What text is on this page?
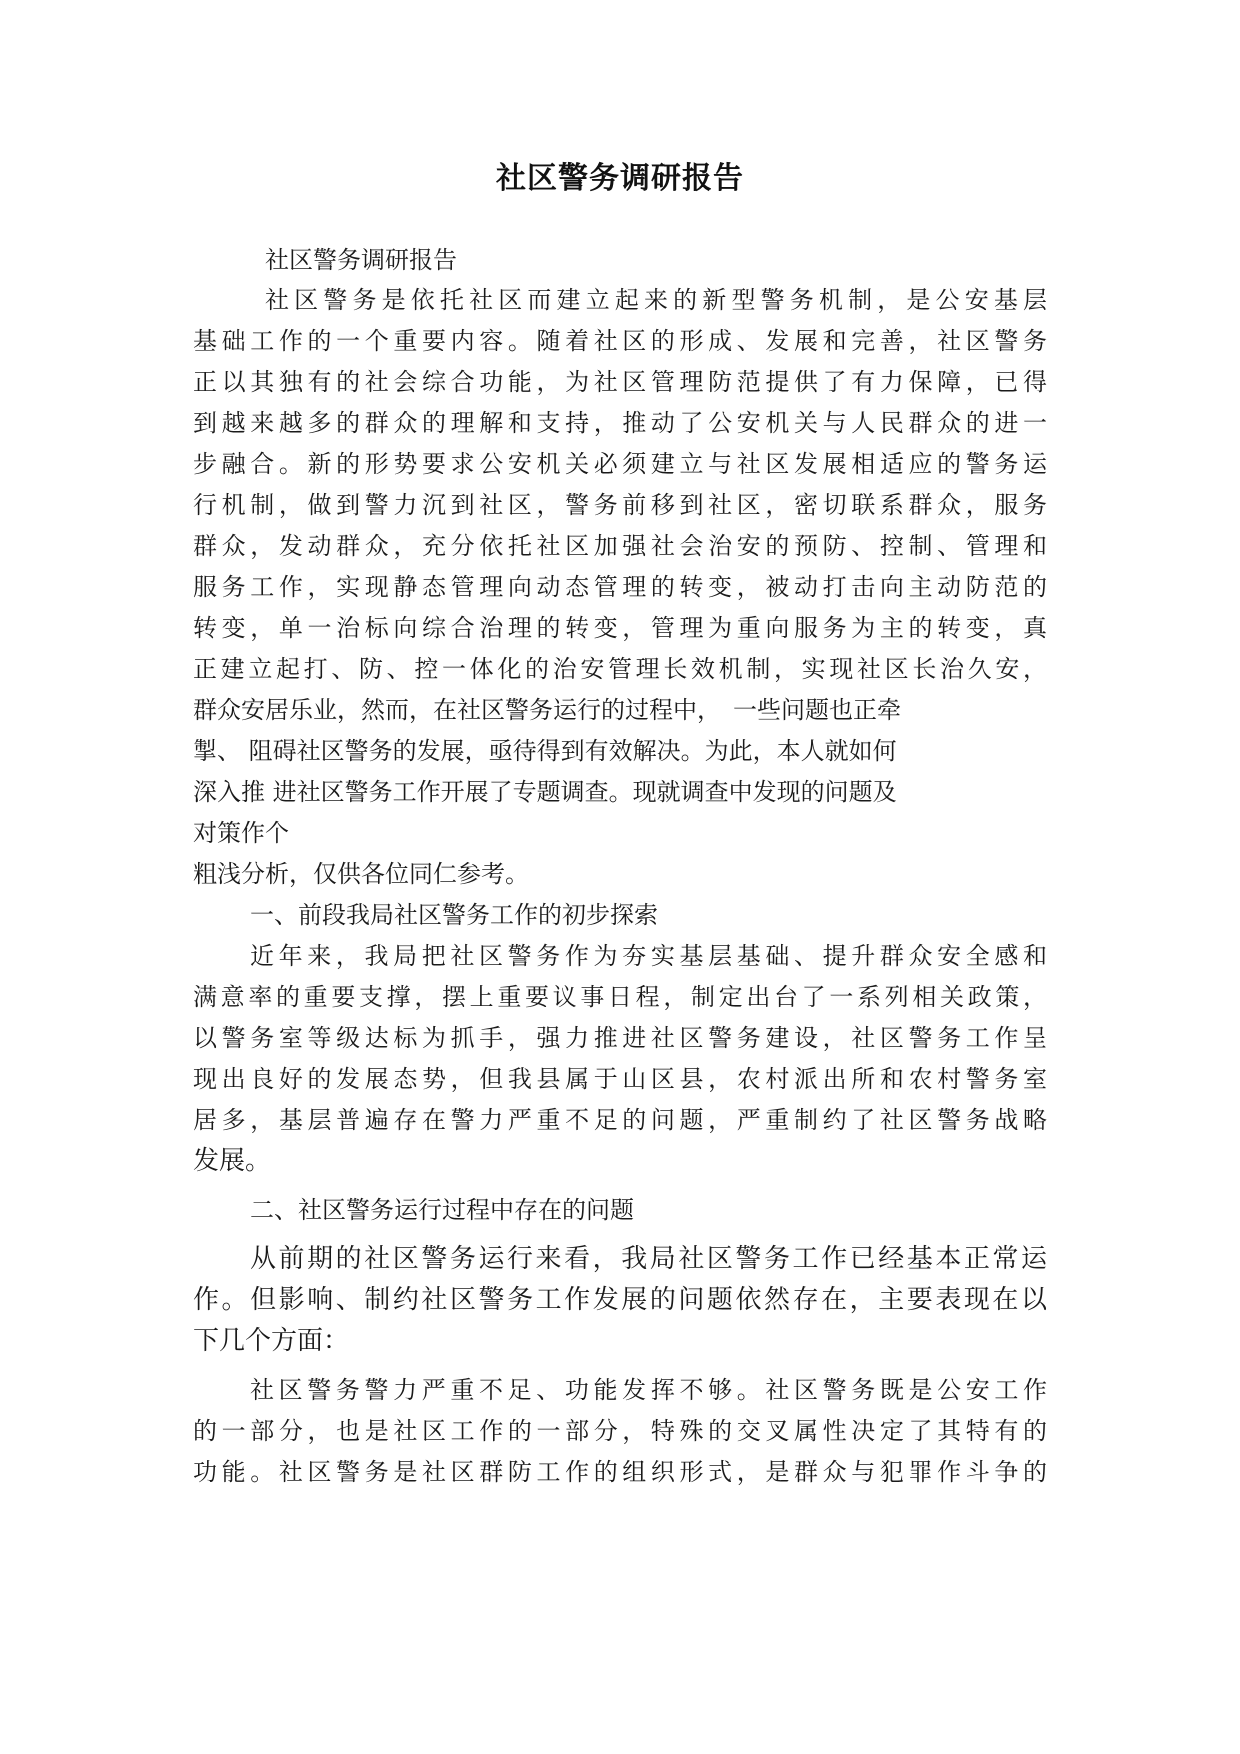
社区警务调研报告
社区警务调研报告
社区警务是依托社区而建立起来的新型警务机制，是公安基层
基础工作的一个重要内容。随着社区的形成、发展和完善，社区警务
正以其独有的社会综合功能，为社区管理防范提供了有力保障，已得
到越来越多的群众的理解和支持，推动了公安机关与人民群众的进一
步融合。新的形势要求公安机关必须建立与社区发展相适应的警务运
行机制，做到警力沉到社区，警务前移到社区，密切联系群众，服务
群众，发动群众，充分依托社区加强社会治安的预防、控制、管理和
服务工作，实现静态管理向动态管理的转变，被动打击向主动防范的
转变，单一治标向综合治理的转变，管理为重向服务为主的转变，真
正建立起打、防、控一体化的治安管理长效机制，实现社区长治久安，
群众安居乐业，然而，在社区警务运行的过程中，　一些问题也正牵
掣、 阻碍社区警务的发展，亟待得到有效解决。为此，本人就如何
深入推 进社区警务工作开展了专题调查。现就调查中发现的问题及
对策作个
粗浅分析，仅供各位同仁参考。
一、前段我局社区警务工作的初步探索
近年来，我局把社区警务作为夯实基层基础、提升群众安全感和
满意率的重要支撑，摆上重要议事日程，制定出台了一系列相关政策，
以警务室等级达标为抓手，强力推进社区警务建设，社区警务工作呈
现出良好的发展态势，但我县属于山区县，农村派出所和农村警务室
居多，基层普遍存在警力严重不足的问题，严重制约了社区警务战略
发展。
二、社区警务运行过程中存在的问题
从前期的社区警务运行来看，我局社区警务工作已经基本正常运
作。但影响、制约社区警务工作发展的问题依然存在，主要表现在以
下几个方面：
社区警务警力严重不足、功能发挥不够。社区警务既是公安工作
的一部分，也是社区工作的一部分，特殊的交叉属性决定了其特有的
功能。社区警务是社区群防工作的组织形式，是群众与犯罪作斗争的
